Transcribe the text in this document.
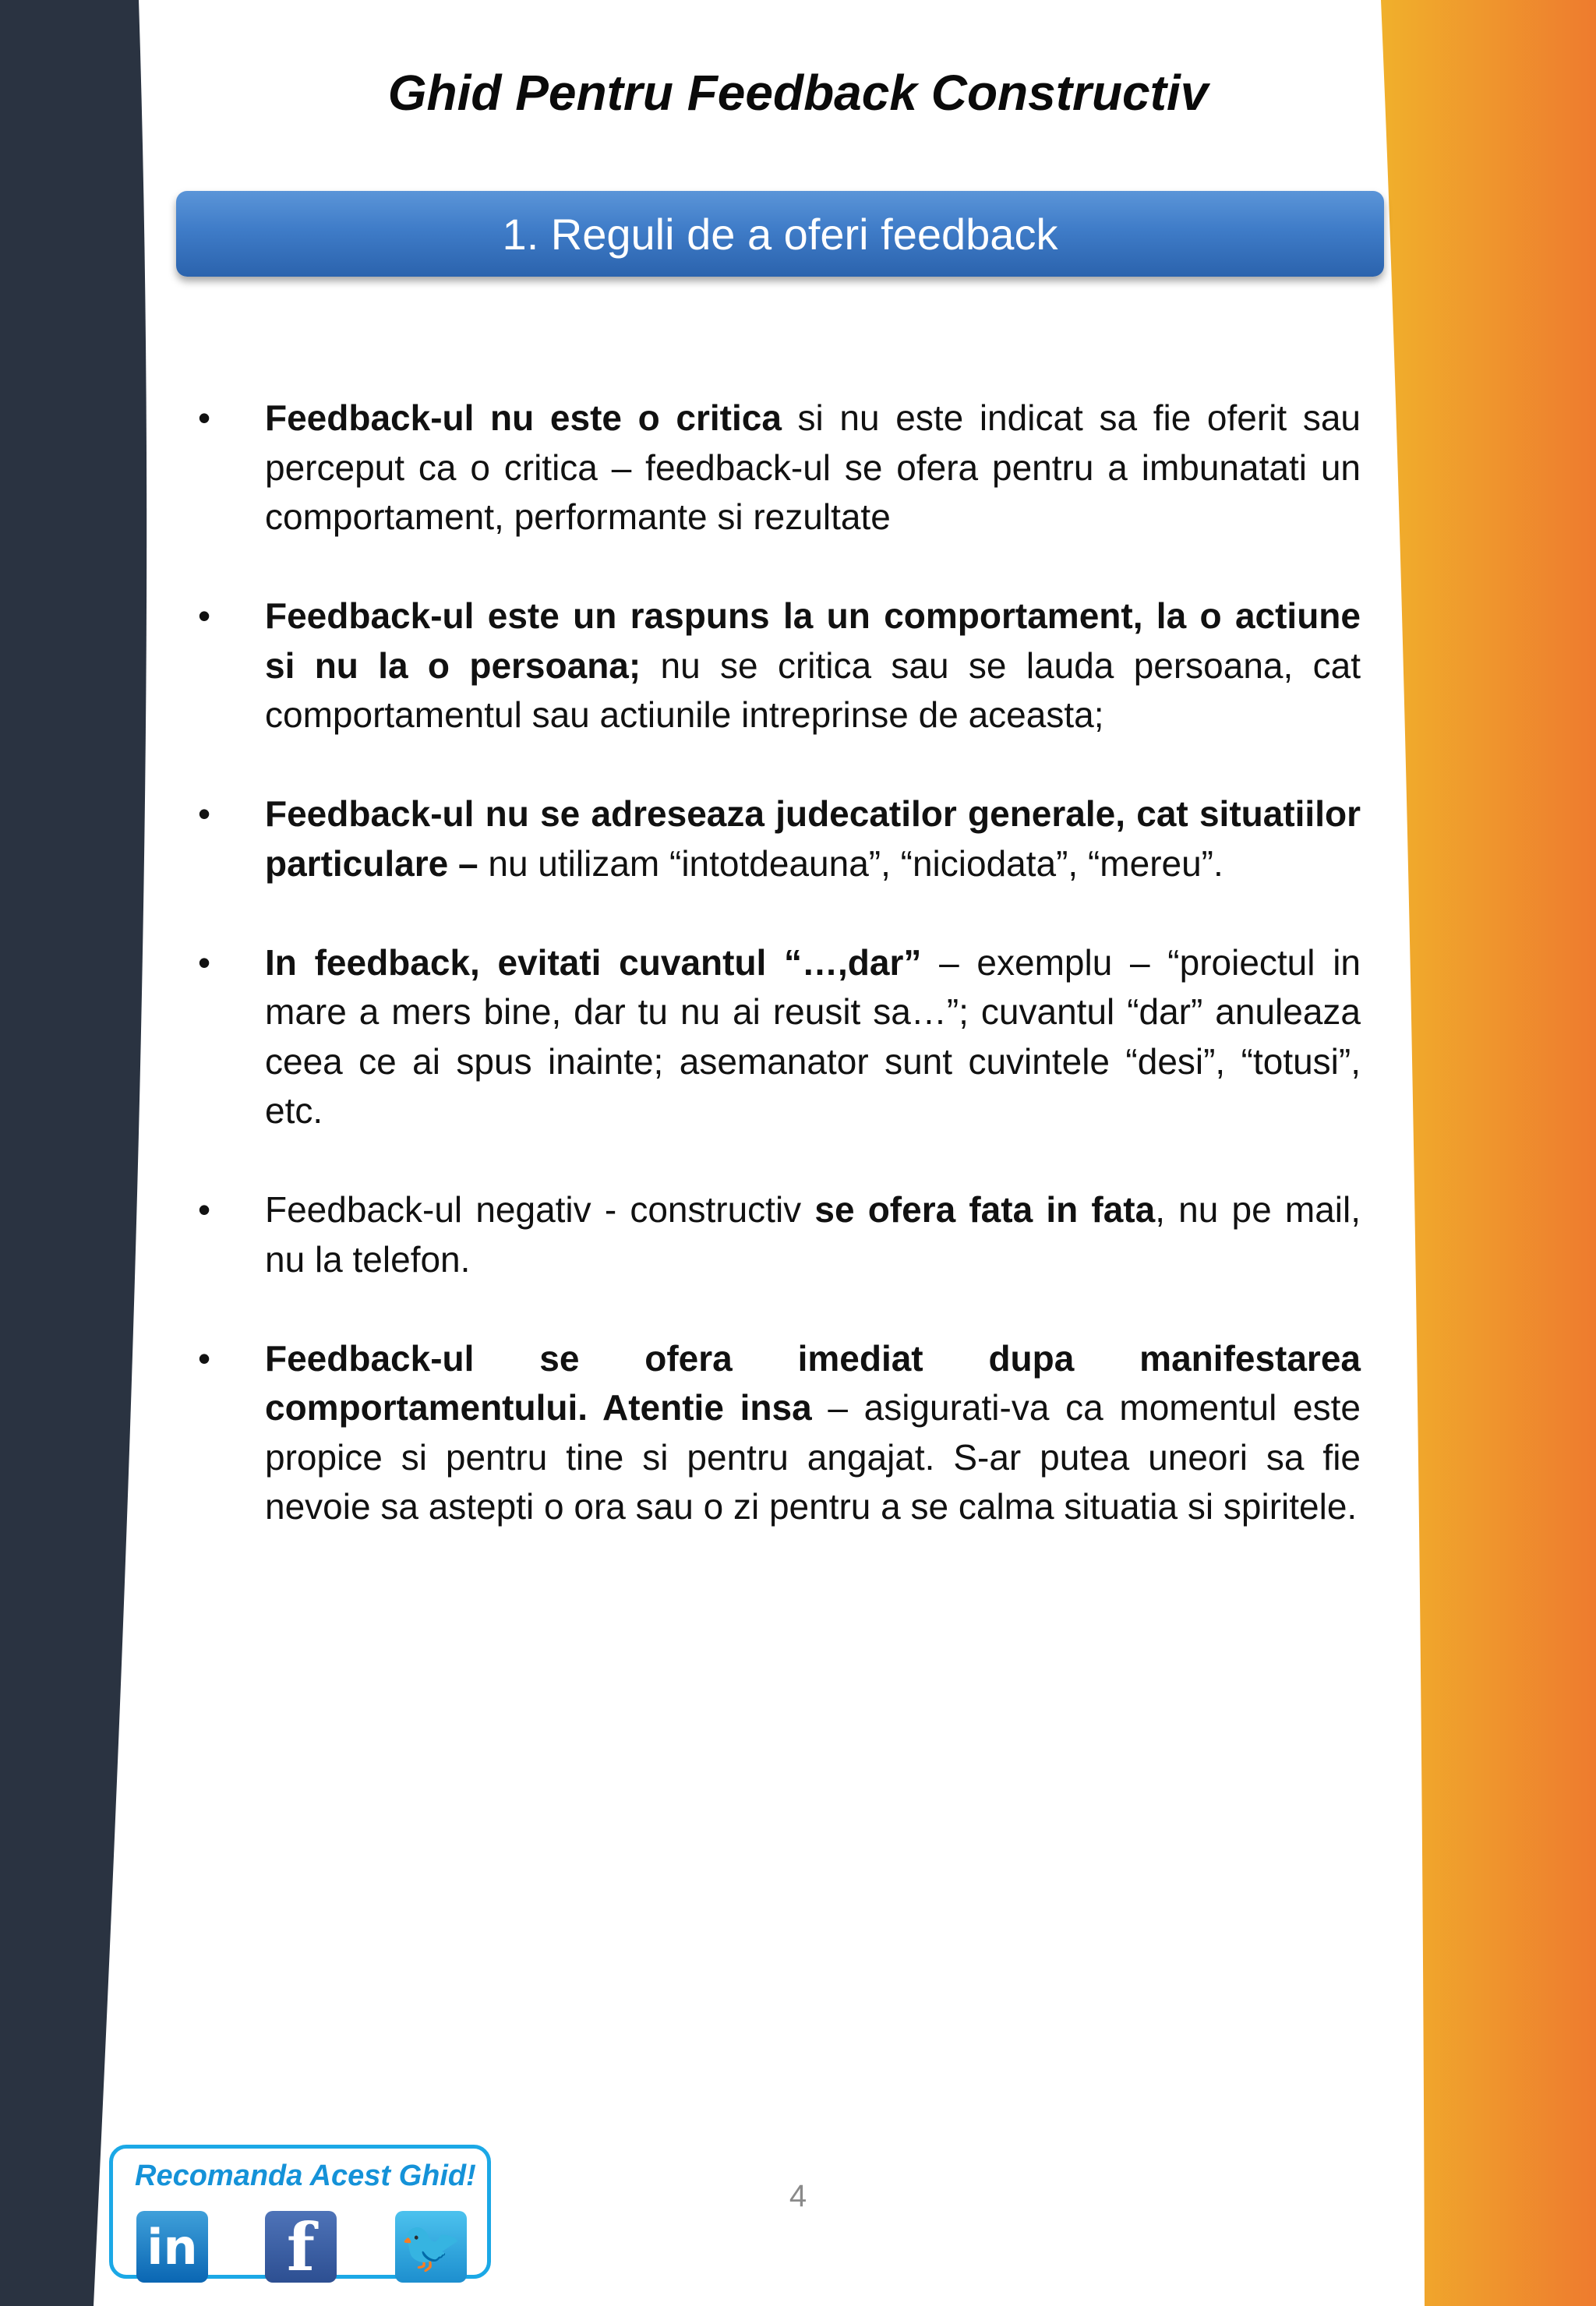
Ghid Pentru Feedback Constructiv
1. Reguli de a oferi feedback
• Feedback-ul nu este o critica si nu este indicat sa fie oferit sau perceput ca o critica – feedback-ul se ofera pentru a imbunatati un comportament, performante si rezultate
• Feedback-ul este un raspuns la un comportament, la o actiune si nu la o persoana; nu se critica sau se lauda persoana, cat comportamentul sau actiunile intreprinse de aceasta;
• Feedback-ul nu se adreseaza judecatilor generale, cat situatiilor particulare – nu utilizam “intotdeauna”, “niciodata”, “mereu”.
• In feedback, evitati cuvantul “…,dar” – exemplu – “proiectul in mare a mers bine, dar tu nu ai reusit sa…”; cuvantul “dar” anuleaza ceea ce ai spus inainte; asemanator sunt cuvintele “desi”, “totusi”, etc.
• Feedback-ul negativ - constructiv se ofera fata in fata, nu pe mail, nu la telefon.
• Feedback-ul se ofera imediat dupa manifestarea comportamentului. Atentie insa – asigurati-va ca momentul este propice si pentru tine si pentru angajat. S-ar putea uneori sa fie nevoie sa astepti o ora sau o zi pentru a se calma situatia si spiritele.
Recomanda Acest Ghid!
in	f	🐦
4
